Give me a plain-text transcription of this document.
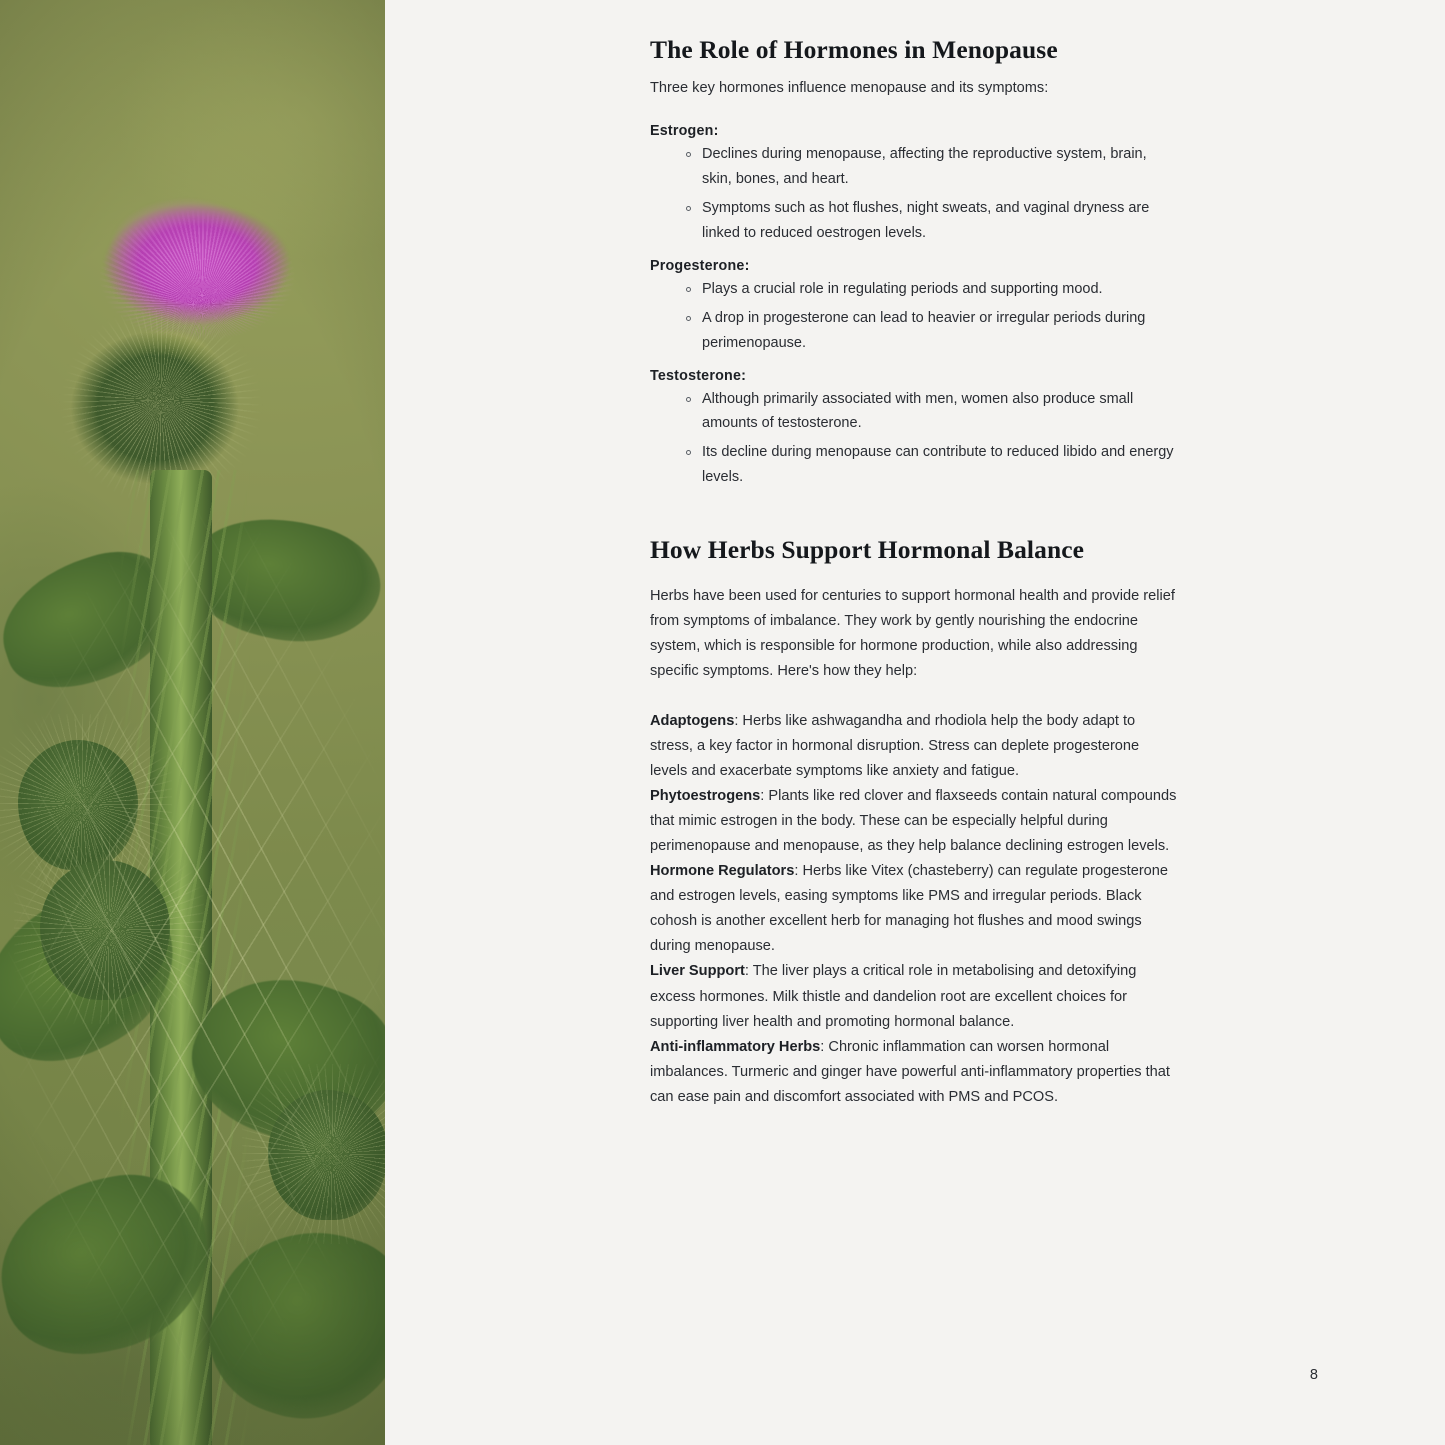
The Role of Hormones in Menopause

Three key hormones influence menopause and its symptoms:

Estrogen:

Declines during menopause, affecting the reproductive system, brain, skin, bones, and heart.
Symptoms such as hot flushes, night sweats, and vaginal dryness are linked to reduced oestrogen levels.

Progesterone:

Plays a crucial role in regulating periods and supporting mood.
A drop in progesterone can lead to heavier or irregular periods during perimenopause.

Testosterone:

Although primarily associated with men, women also produce small amounts of testosterone.
Its decline during menopause can contribute to reduced libido and energy levels.
How Herbs Support Hormonal Balance

Herbs have been used for centuries to support hormonal health and provide relief from symptoms of imbalance. They work by gently nourishing the endocrine system, which is responsible for hormone production, while also addressing specific symptoms. Here's how they help:

Adaptogens: Herbs like ashwagandha and rhodiola help the body adapt to stress, a key factor in hormonal disruption. Stress can deplete progesterone levels and exacerbate symptoms like anxiety and fatigue.

Phytoestrogens: Plants like red clover and flaxseeds contain natural compounds that mimic estrogen in the body. These can be especially helpful during perimenopause and menopause, as they help balance declining estrogen levels.

Hormone Regulators: Herbs like Vitex (chasteberry) can regulate progesterone and estrogen levels, easing symptoms like PMS and irregular periods. Black cohosh is another excellent herb for managing hot flushes and mood swings during menopause.

Liver Support: The liver plays a critical role in metabolising and detoxifying excess hormones. Milk thistle and dandelion root are excellent choices for supporting liver health and promoting hormonal balance.

Anti-inflammatory Herbs: Chronic inflammation can worsen hormonal imbalances. Turmeric and ginger have powerful anti-inflammatory properties that can ease pain and discomfort associated with PMS and PCOS.

8
